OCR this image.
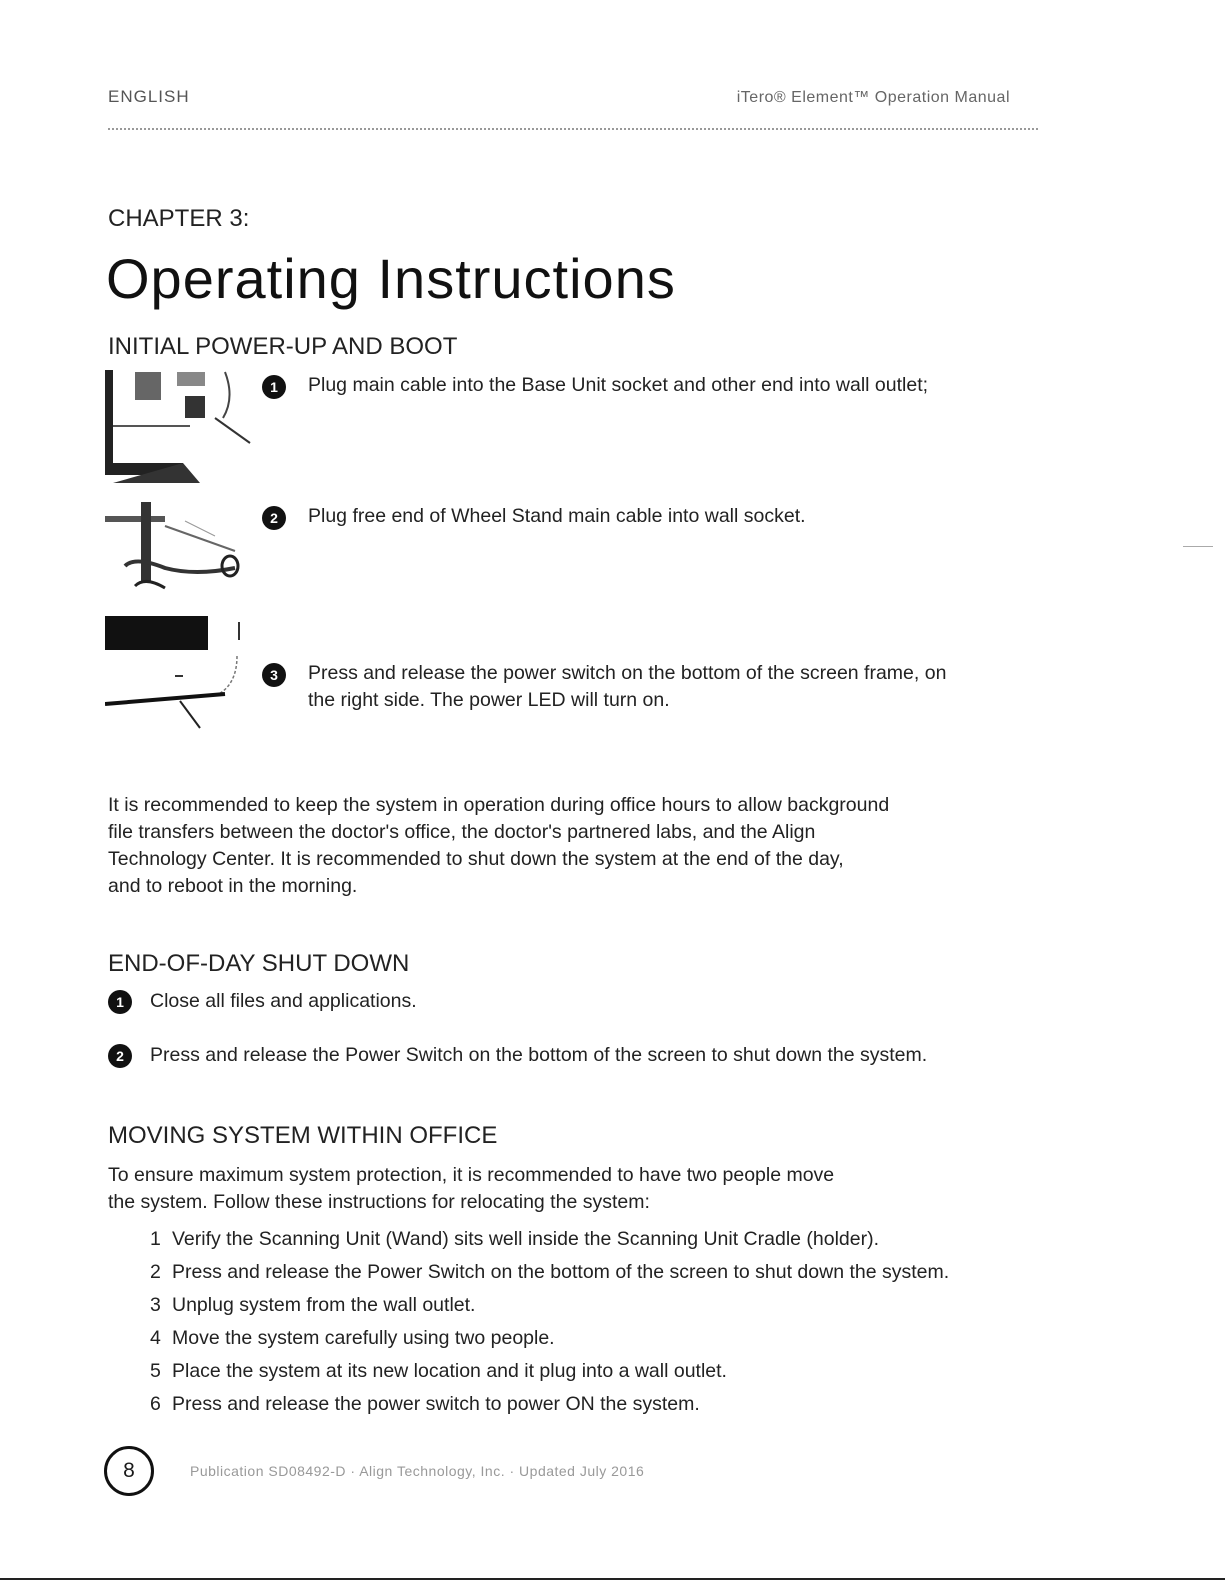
ENGLISH	iTero® Element™ Operation Manual
CHAPTER 3:
Operating Instructions
INITIAL POWER-UP AND BOOT
1	Plug main cable into the Base Unit socket and other end into wall outlet;
2	Plug free end of Wheel Stand main cable into wall socket.
3	Press and release the power switch on the bottom of the screen frame, on
the right side. The power LED will turn on.
It is recommended to keep the system in operation during office hours to allow background
file transfers between the doctor's office, the doctor's partnered labs, and the Align
Technology Center. It is recommended to shut down the system at the end of the day,
and to reboot in the morning.
END-OF-DAY SHUT DOWN
1	Close all files and applications.
2	Press and release the Power Switch on the bottom of the screen to shut down the system.
MOVING SYSTEM WITHIN OFFICE
To ensure maximum system protection, it is recommended to have two people move
the system. Follow these instructions for relocating the system:
1 Verify the Scanning Unit (Wand) sits well inside the Scanning Unit Cradle (holder).
2 Press and release the Power Switch on the bottom of the screen to shut down the system.
3 Unplug system from the wall outlet.
4 Move the system carefully using two people.
5 Place the system at its new location and it plug into a wall outlet.
6 Press and release the power switch to power ON the system.
8	Publication SD08492-D · Align Technology, Inc. · Updated July 2016
